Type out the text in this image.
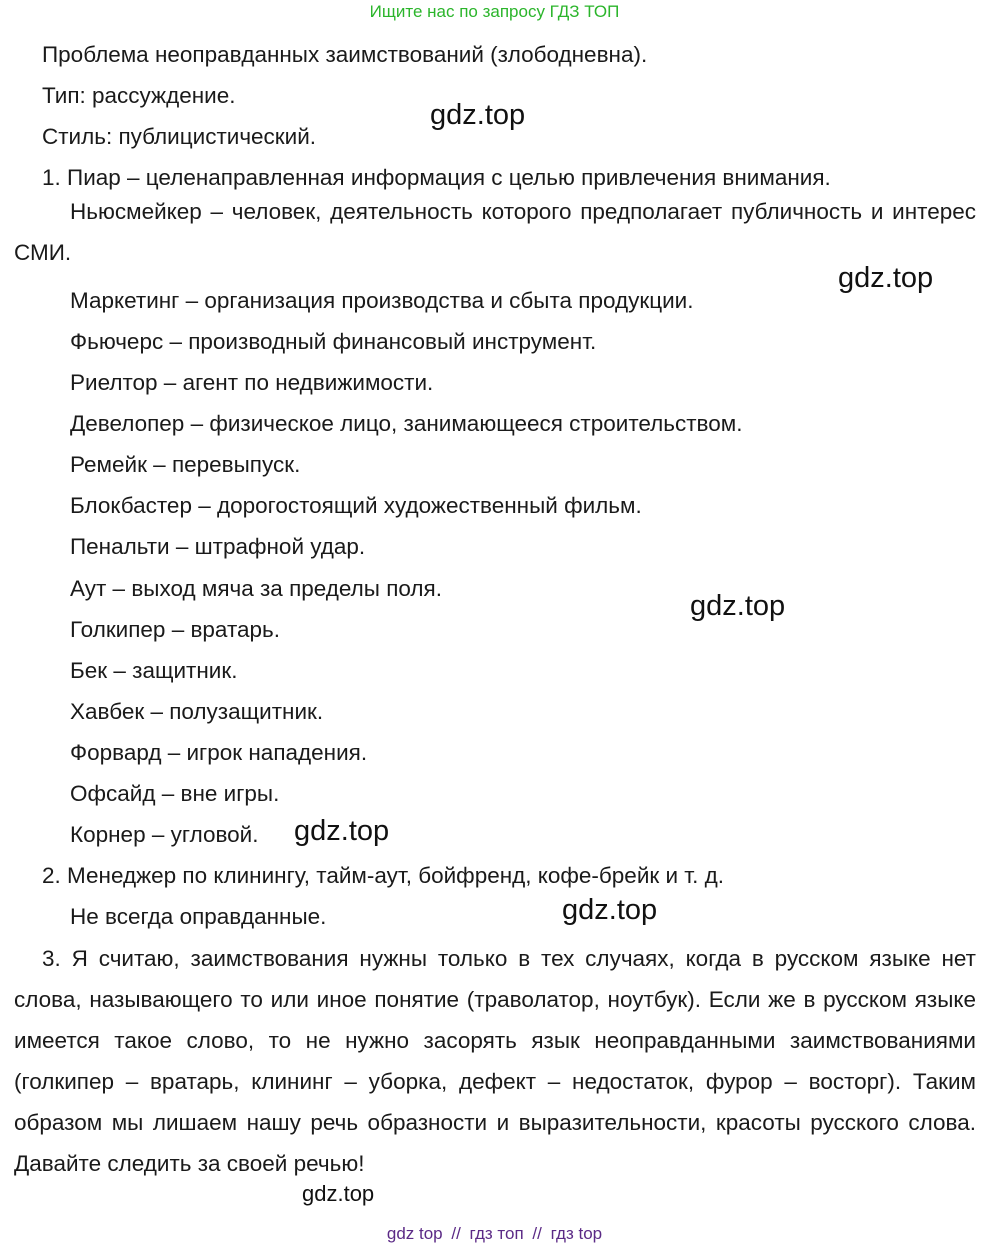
Ищите нас по запросу ГДЗ ТОП
Проблема неоправданных заимствований (злободневна).
Тип: рассуждение.
Стиль: публицистический.
1. Пиар – целенаправленная информация с целью привлечения внимания.
Ньюсмейкер – человек, деятельность которого предполагает публичность и интерес СМИ.
Маркетинг – организация производства и сбыта продукции.
Фьючерс – производный финансовый инструмент.
Риелтор – агент по недвижимости.
Девелопер – физическое лицо, занимающееся строительством.
Ремейк – перевыпуск.
Блокбастер – дорогостоящий художественный фильм.
Пенальти – штрафной удар.
Аут – выход мяча за пределы поля.
Голкипер – вратарь.
Бек – защитник.
Хавбек – полузащитник.
Форвард – игрок нападения.
Офсайд – вне игры.
Корнер – угловой.
2. Менеджер по клинингу, тайм-аут, бойфренд, кофе-брейк и т. д.
Не всегда оправданные.
3. Я считаю, заимствования нужны только в тех случаях, когда в русском языке нет слова, называющего то или иное понятие (траволатор, ноутбук). Если же в русском языке имеется такое слово, то не нужно засорять язык неоправданными заимствованиями (голкипер – вратарь, клининг – уборка, дефект – недостаток, фурор – восторг). Таким образом мы лишаем нашу речь образности и выразительности, красоты русского слова. Давайте следить за своей речью!
gdz.top
gdz.top
gdz.top
gdz.top
gdz.top
gdz.top
gdz top // гдз топ // гдз top
